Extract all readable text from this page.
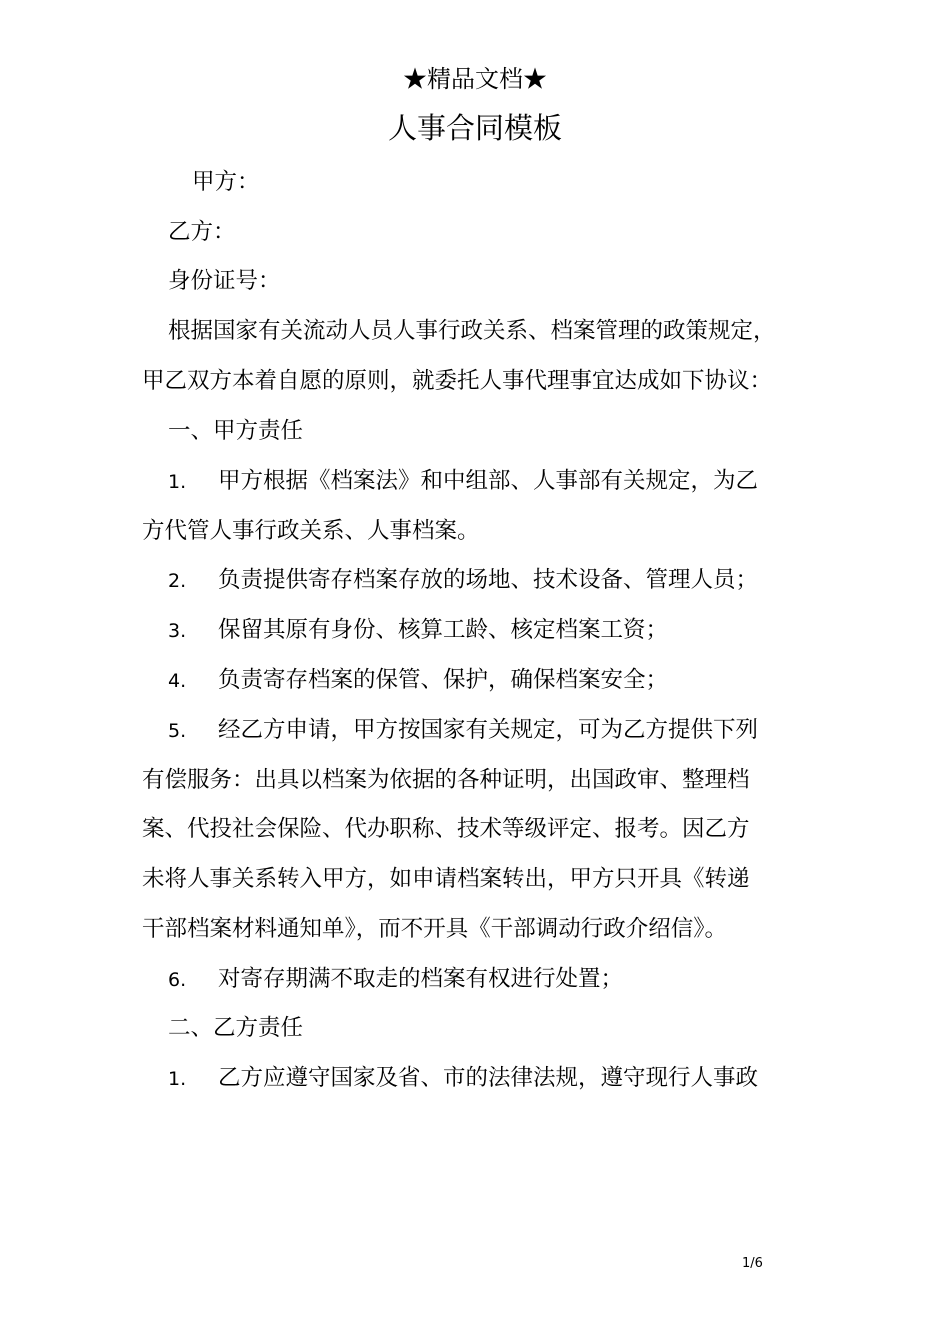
★精品文档★
人事合同模板
甲方：
乙方：
身份证号：
根据国家有关流动人员人事行政关系、档案管理的政策规定，
甲乙双方本着自愿的原则，就委托人事代理事宜达成如下协议：
一、甲方责任
1. 甲方根据《档案法》和中组部、人事部有关规定，为乙
方代管人事行政关系、人事档案。
2. 负责提供寄存档案存放的场地、技术设备、管理人员；
3. 保留其原有身份、核算工龄、核定档案工资；
4. 负责寄存档案的保管、保护，确保档案安全；
5. 经乙方申请，甲方按国家有关规定，可为乙方提供下列
有偿服务：出具以档案为依据的各种证明，出国政审、整理档
案、代投社会保险、代办职称、技术等级评定、报考。因乙方
未将人事关系转入甲方，如申请档案转出，甲方只开具《转递
干部档案材料通知单》，而不开具《干部调动行政介绍信》。
6. 对寄存期满不取走的档案有权进行处置；
二、乙方责任
1. 乙方应遵守国家及省、市的法律法规，遵守现行人事政
1/6
